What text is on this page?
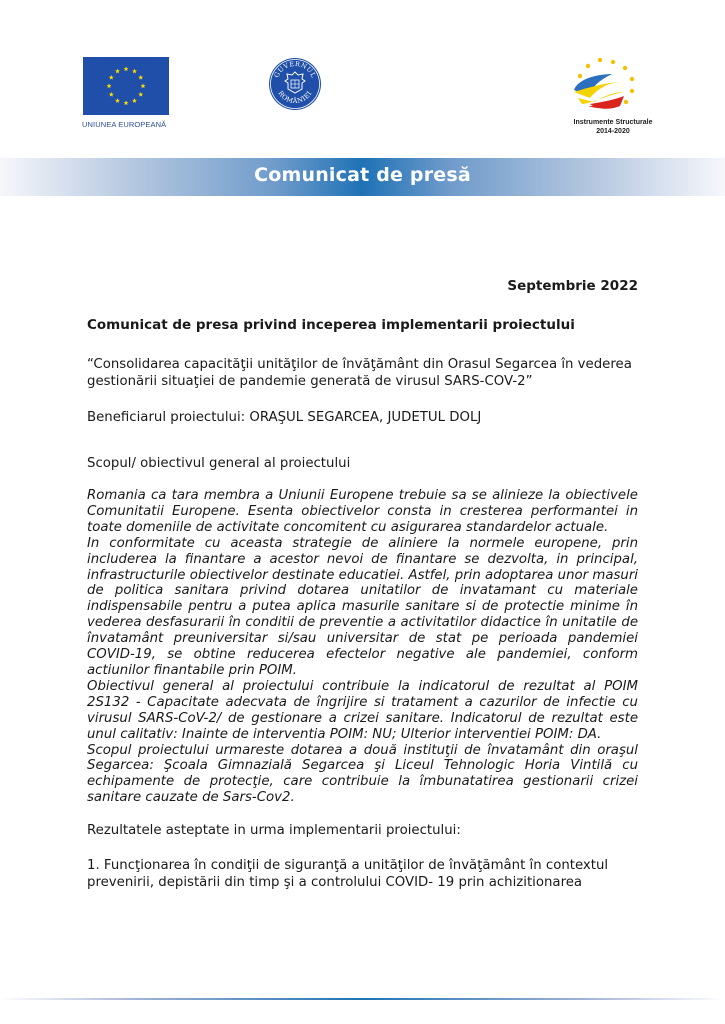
UNIUNEA EUROPEANĂ
GUVERNUL
ROMÂNIEI
Instrumente Structurale
2014-2020
Comunicat de presă
Septembrie 2022
Comunicat de presa privind inceperea implementarii proiectului
“Consolidarea capacităţii unităţilor de învăţământ din Orasul Segarcea în vederea gestionării situaţiei de pandemie generată de virusul SARS-COV-2”
Beneficiarul proiectului: ORAŞUL SEGARCEA, JUDETUL DOLJ
Scopul/ obiectivul general al proiectului

Romania ca tara membra a Uniunii Europene trebuie sa se alinieze la obiectivele Comunitatii Europene. Esenta obiectivelor consta in cresterea performantei in toate domeniile de activitate concomitent cu asigurarea standardelor actuale.

In conformitate cu aceasta strategie de aliniere la normele europene, prin includerea la finantare a acestor nevoi de finantare se dezvolta, in principal, infrastructurile obiectivelor destinate educatiei. Astfel, prin adoptarea unor masuri de politica sanitara privind dotarea unitatilor de invatamant cu materiale indispensabile pentru a putea aplica masurile sanitare si de protectie minime în vederea desfasurarii în conditii de preventie a activitatilor didactice în unitatile de învatamânt preuniversitar si/sau universitar de stat pe perioada pandemiei COVID-19, se obtine reducerea efectelor negative ale pandemiei, conform actiunilor finantabile prin POIM.

Obiectivul general al proiectului contribuie la indicatorul de rezultat al POIM 2S132 - Capacitate adecvata de îngrijire si tratament a cazurilor de infectie cu virusul SARS-CoV-2/ de gestionare a crizei sanitare. Indicatorul de rezultat este unul calitativ: Inainte de interventia POIM: NU; Ulterior interventiei POIM: DA.

Scopul proiectului urmareste dotarea a două instituţii de învatamânt din oraşul Segarcea: Şcoala Gimnazială Segarcea şi Liceul Tehnologic Horia Vintilă cu echipamente de protecţie, care contribuie la îmbunatatirea gestionarii crizei sanitare cauzate de Sars-Cov2.

Rezultatele asteptate in urma implementarii proiectului:
1. Funcţionarea în condiţii de siguranţă a unităţilor de învăţământ în contextul prevenirii, depistării din timp şi a controlului COVID- 19 prin achizitionarea
